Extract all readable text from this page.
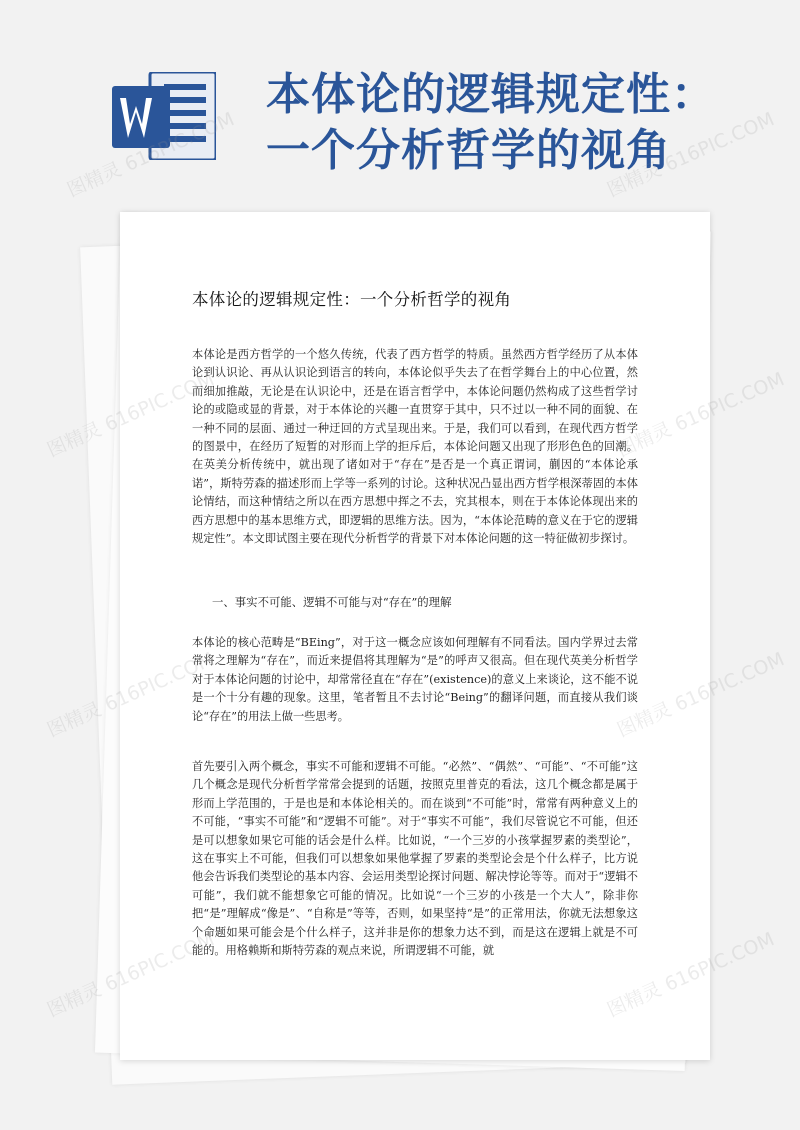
本体论的逻辑规定性：
一个分析哲学的视角
本体论的逻辑规定性：一个分析哲学的视角

本体论是西方哲学的一个悠久传统，代表了西方哲学的特质。虽然西方哲学经历了从本体论到认识论、再从认识论到语言的转向，本体论似乎失去了在哲学舞台上的中心位置，然而细加推敲，无论是在认识论中，还是在语言哲学中，本体论问题仍然构成了这些哲学讨论的或隐或显的背景，对于本体论的兴趣一直贯穿于其中，只不过以一种不同的面貌、在一种不同的层面、通过一种迂回的方式呈现出来。于是，我们可以看到，在现代西方哲学的图景中，在经历了短暂的对形而上学的拒斥后，本体论问题又出现了形形色色的回潮。在英美分析传统中，就出现了诸如对于“存在”是否是一个真正谓词，蒯因的“本体论承诺”，斯特劳森的描述形而上学等一系列的讨论。这种状况凸显出西方哲学根深蒂固的本体论情结，而这种情结之所以在西方思想中挥之不去，究其根本，则在于本体论体现出来的西方思想中的基本思维方式，即逻辑的思维方法。因为，“本体论范畴的意义在于它的逻辑规定性”。本文即试图主要在现代分析哲学的背景下对本体论问题的这一特征做初步探讨。

一、事实不可能、逻辑不可能与对“存在”的理解

本体论的核心范畴是“BEing”，对于这一概念应该如何理解有不同看法。国内学界过去常常将之理解为“存在”，而近来提倡将其理解为“是”的呼声又很高。但在现代英美分析哲学对于本体论问题的讨论中，却常常径直在“存在”(existence)的意义上来谈论，这不能不说是一个十分有趣的现象。这里，笔者暂且不去讨论“Being”的翻译问题，而直接从我们谈论“存在”的用法上做一些思考。

首先要引入两个概念，事实不可能和逻辑不可能。“必然”、“偶然”、“可能”、“不可能”这几个概念是现代分析哲学常常会提到的话题，按照克里普克的看法，这几个概念都是属于形而上学范围的，于是也是和本体论相关的。而在谈到“不可能”时，常常有两种意义上的不可能，“事实不可能”和“逻辑不可能”。对于“事实不可能”，我们尽管说它不可能，但还是可以想象如果它可能的话会是什么样。比如说，“一个三岁的小孩掌握罗素的类型论”，这在事实上不可能，但我们可以想象如果他掌握了罗素的类型论会是个什么样子，比方说他会告诉我们类型论的基本内容、会运用类型论探讨问题、解决悖论等等。而对于“逻辑不可能”，我们就不能想象它可能的情况。比如说“一个三岁的小孩是一个大人”，除非你把“是”理解成“像是”、“自称是”等等，否则，如果坚持“是”的正常用法，你就无法想象这个命题如果可能会是个什么样子，这并非是你的想象力达不到，而是这在逻辑上就是不可能的。用格赖斯和斯特劳森的观点来说，所谓逻辑不可能，就

图精灵	图精灵 616PIC.COM
图精灵
616PIC.COM
图精灵
616PIC.COM
图精灵
616PIC.COM
